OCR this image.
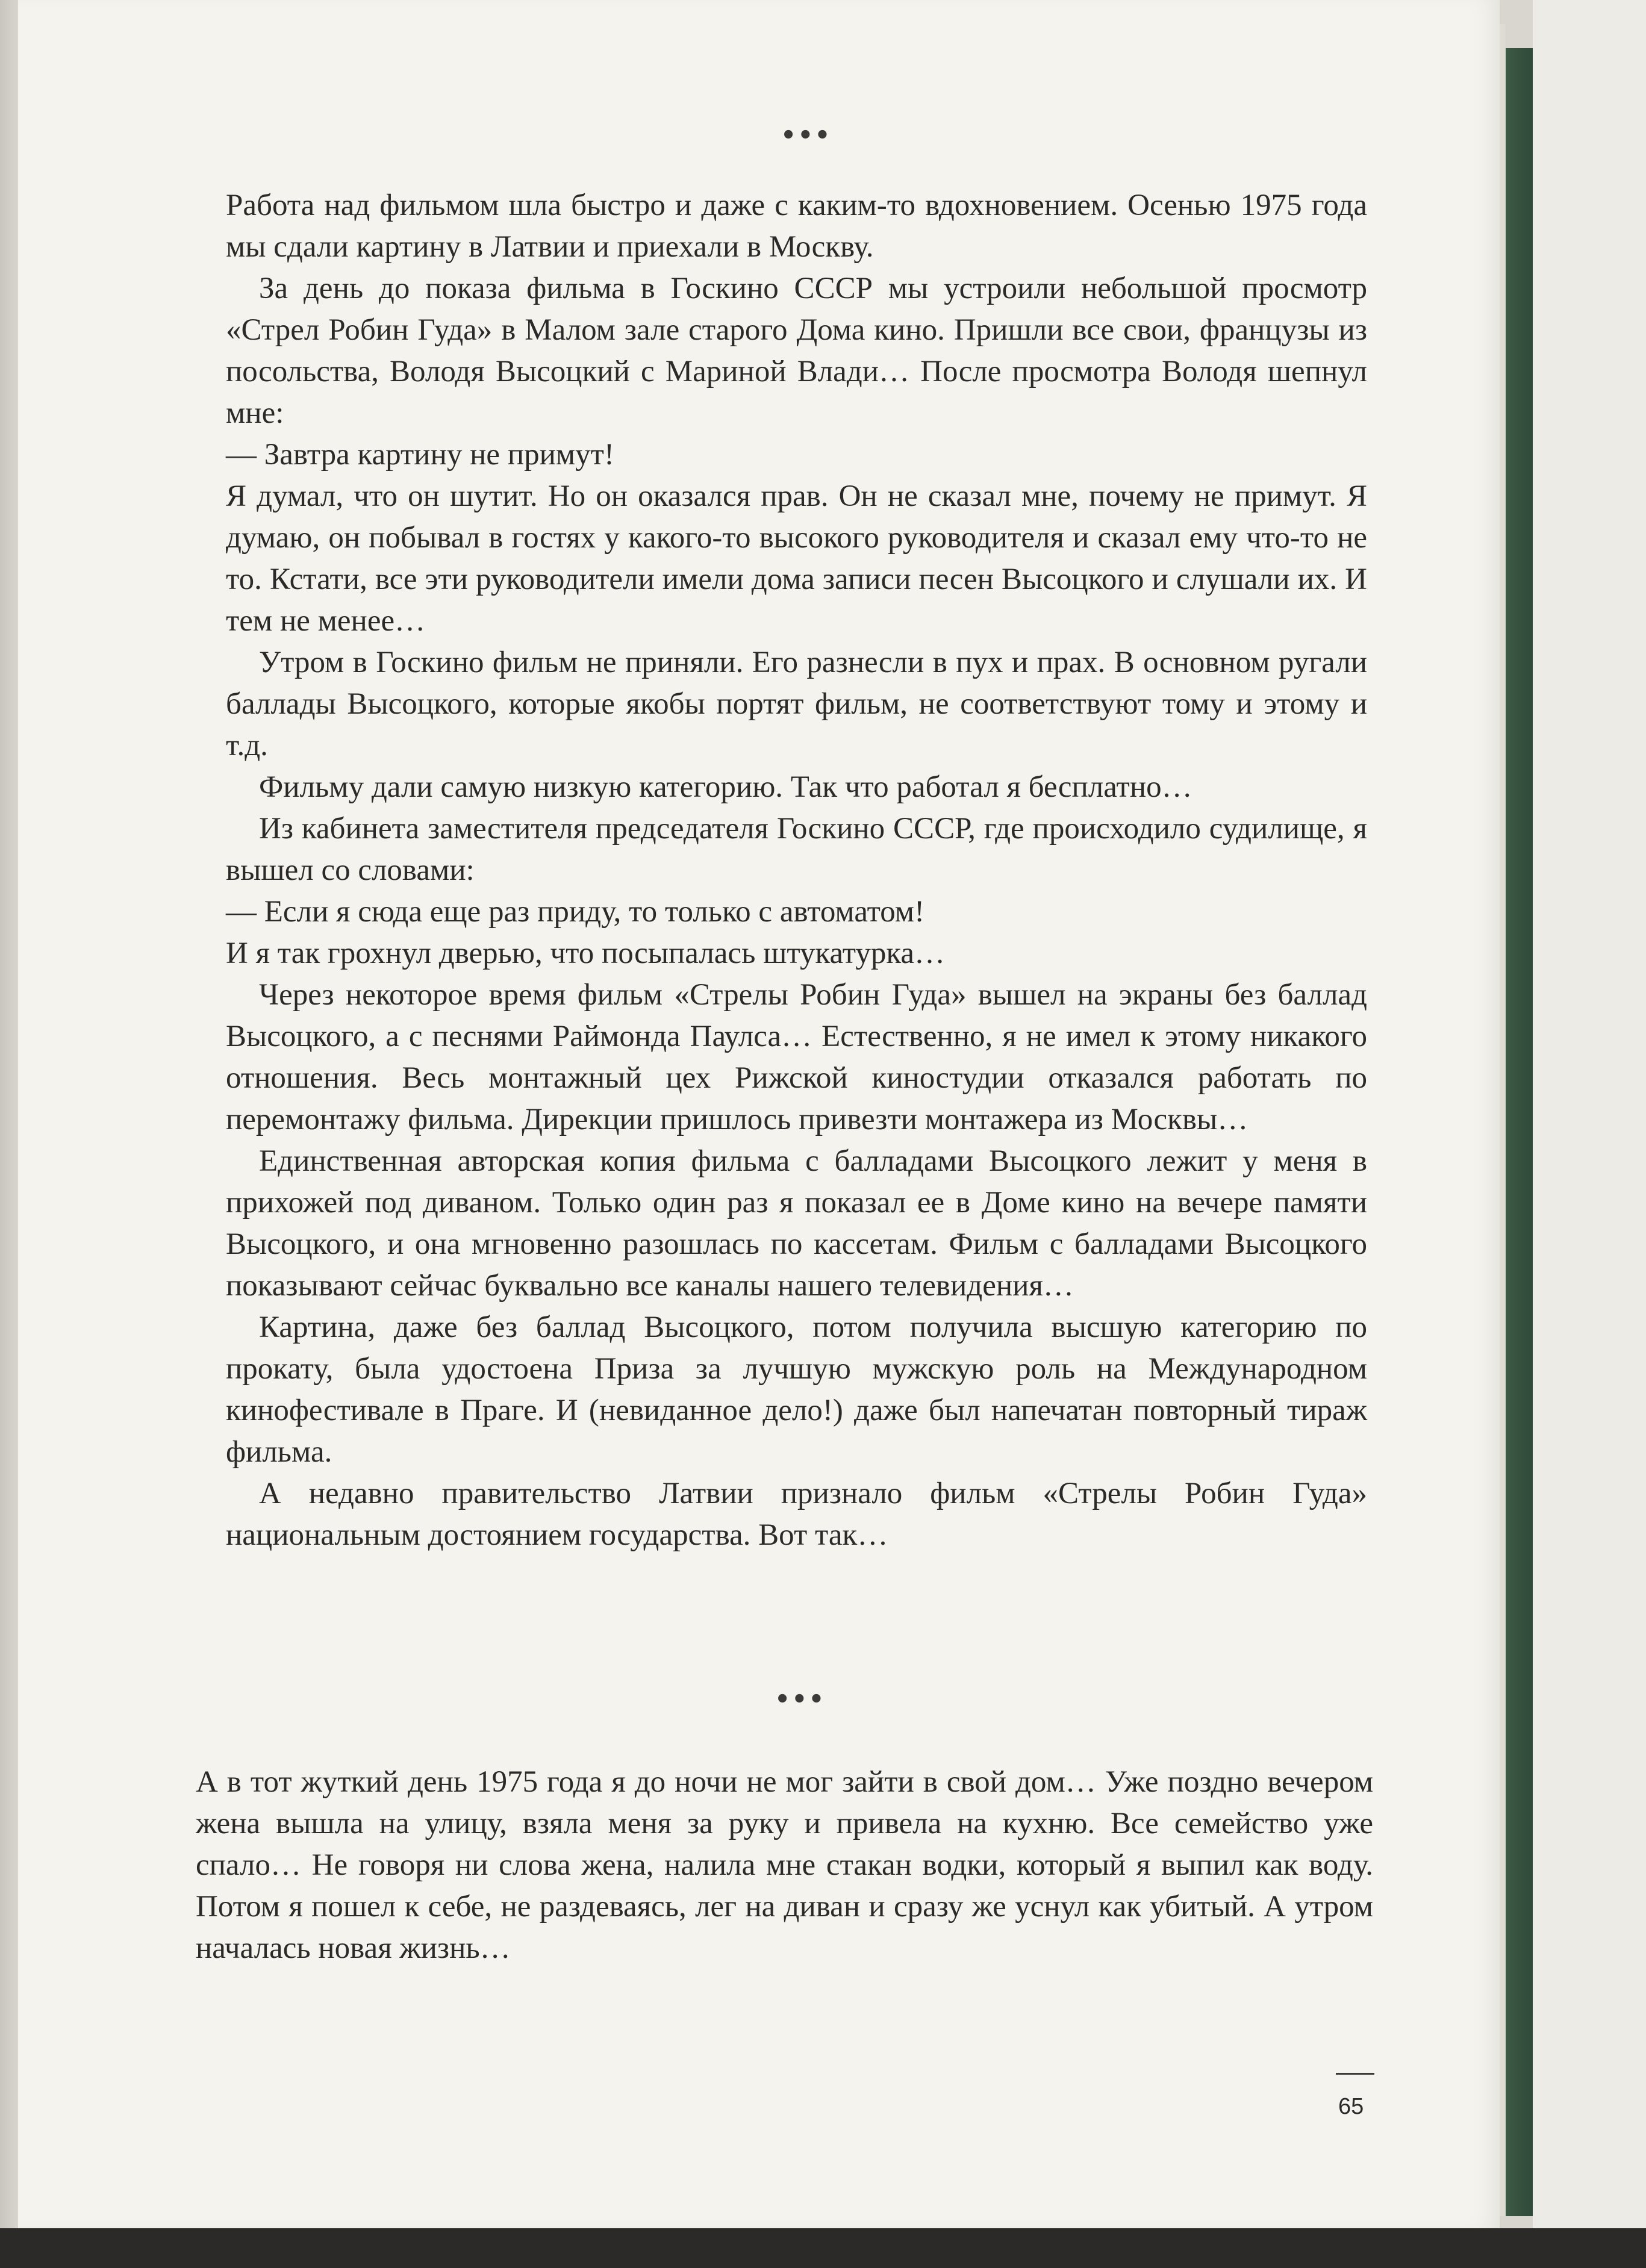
•••

Работа над фильмом шла быстро и даже с каким-то вдохновением. Осенью 1975 года мы сдали картину в Латвии и приехали в Москву.

За день до показа фильма в Госкино СССР мы устроили небольшой просмотр «Стрел Робин Гуда» в Малом зале старого Дома кино. Пришли все свои, французы из посольства, Володя Высоцкий с Мариной Влади… После просмотра Володя шепнул мне:

— Завтра картину не примут!

Я думал, что он шутит. Но он оказался прав. Он не сказал мне, почему не примут. Я думаю, он побывал в гостях у какого-то высокого руководителя и сказал ему что-то не то. Кстати, все эти руководители имели дома записи песен Высоцкого и слушали их. И тем не менее…

Утром в Госкино фильм не приняли. Его разнесли в пух и прах. В основном ругали баллады Высоцкого, которые якобы портят фильм, не соответствуют тому и этому и т.д.

Фильму дали самую низкую категорию. Так что работал я бесплатно…

Из кабинета заместителя председателя Госкино СССР, где происходило судилище, я вышел со словами:

— Если я сюда еще раз приду, то только с автоматом!

И я так грохнул дверью, что посыпалась штукатурка…

Через некоторое время фильм «Стрелы Робин Гуда» вышел на экраны без баллад Высоцкого, а с песнями Раймонда Паулса… Естественно, я не имел к этому никакого отношения. Весь монтажный цех Рижской киностудии отказался работать по перемонтажу фильма. Дирекции пришлось привезти монтажера из Москвы…

Единственная авторская копия фильма с балладами Высоцкого лежит у меня в прихожей под диваном. Только один раз я показал ее в Доме кино на вечере памяти Высоцкого, и она мгновенно разошлась по кассетам. Фильм с балладами Высоцкого показывают сейчас буквально все каналы нашего телевидения…

Картина, даже без баллад Высоцкого, потом получила высшую категорию по прокату, была удостоена Приза за лучшую мужскую роль на Международном кинофестивале в Праге. И (невиданное дело!) даже был напечатан повторный тираж фильма.

А недавно правительство Латвии признало фильм «Стрелы Робин Гуда» национальным достоянием государства. Вот так…

•••

А в тот жуткий день 1975 года я до ночи не мог зайти в свой дом… Уже поздно вечером жена вышла на улицу, взяла меня за руку и привела на кухню. Все семейство уже спало… Не говоря ни слова жена, налила мне стакан водки, который я выпил как воду. Потом я пошел к себе, не раздеваясь, лег на диван и сразу же уснул как убитый. А утром началась новая жизнь…

65
